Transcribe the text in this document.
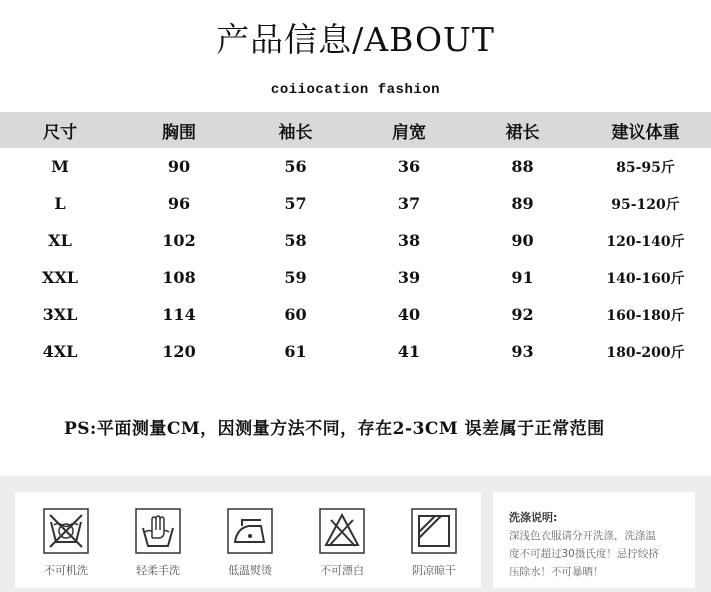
产品信息/ABOUT
coiiocation fashion
尺寸	胸围	袖长	肩宽	裙长	建议体重
M	90	56	36	88	85-95斤
L	96	57	37	89	95-120斤
XL	102	58	38	90	120-140斤
XXL	108	59	39	91	140-160斤
3XL	114	60	40	92	160-180斤
4XL	120	61	41	93	180-200斤
PS:平面测量CM，因测量方法不同，存在2-3CM 误差属于正常范围
不可机洗	轻柔手洗	低温熨烫	不可漂白	阴凉晾干
洗涤说明:

深浅色衣服请分开洗涤，洗涤温
度不可超过30摄氏度！忌拧绞挤
压除水！不可暴晒！
